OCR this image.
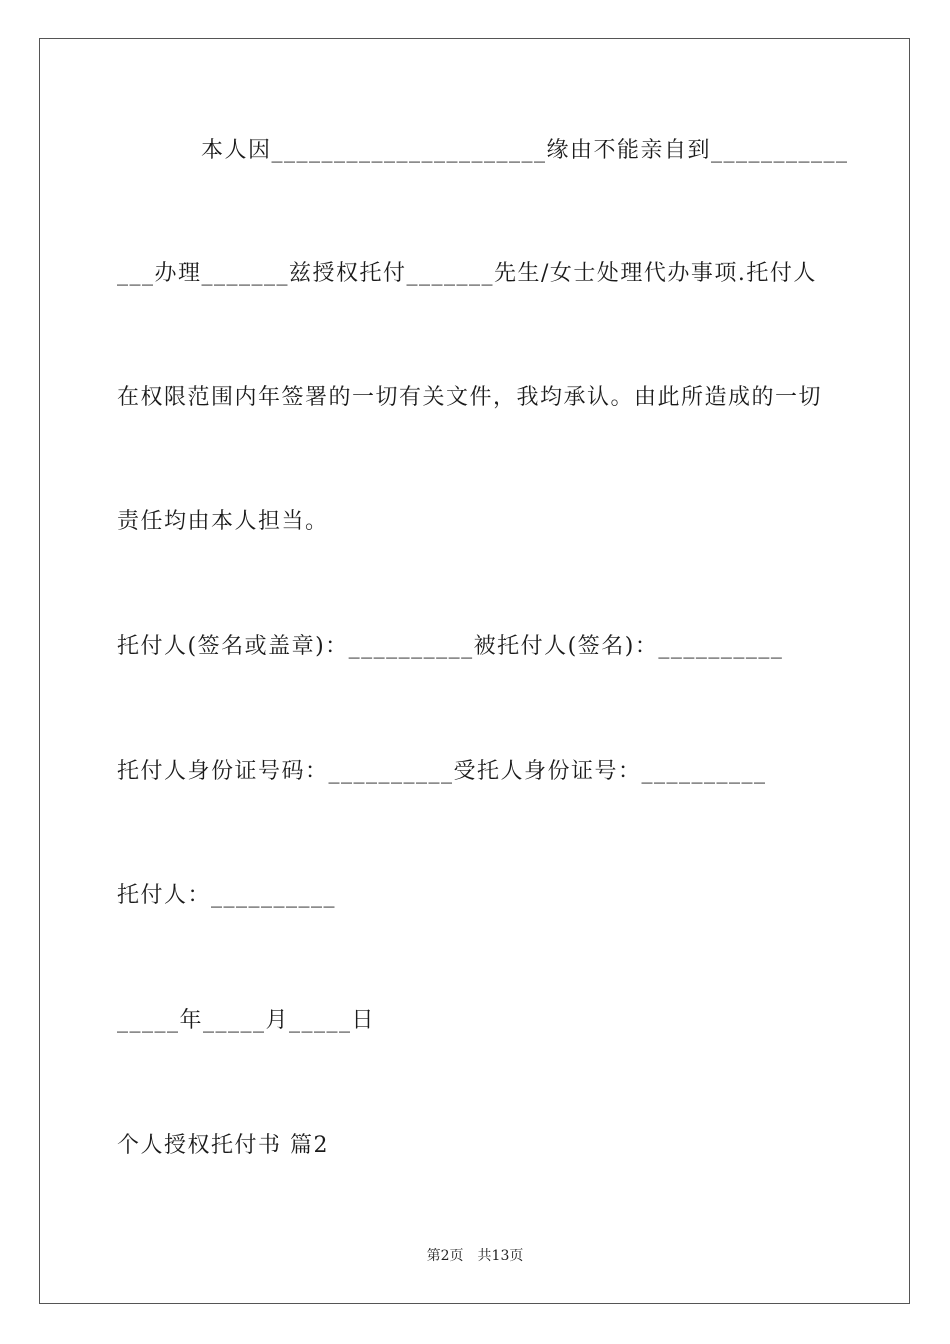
本人因______________________缘由不能亲自到___________
___办理_______兹授权托付_______先生/女士处理代办事项.托付人
在权限范围内年签署的一切有关文件，我均承认。由此所造成的一切
责任均由本人担当。
托付人(签名或盖章)：__________被托付人(签名)：__________
托付人身份证号码：__________受托人身份证号：__________
托付人：__________
_____年_____月_____日
个人授权托付书 篇2
第2页 共13页
